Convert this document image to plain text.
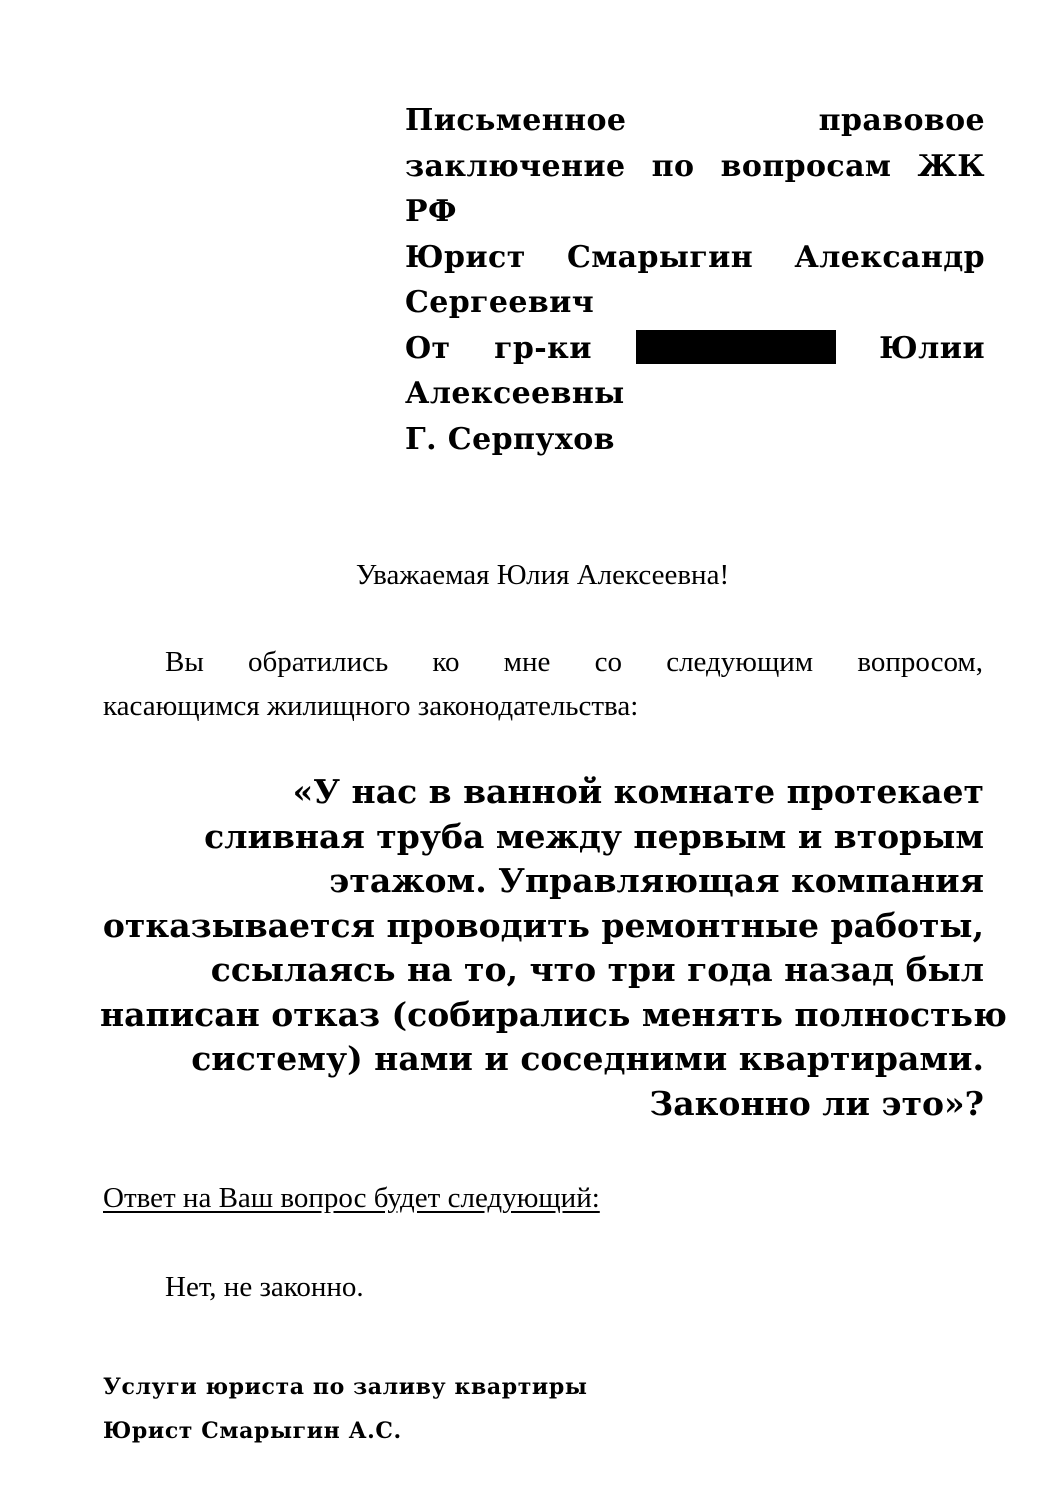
Письменное	правовое
заключение по вопросам ЖК
РФ
Юрист Смарыгин Александр
Сергеевич
От гр-ки	Юлии
Алексеевны
Г. Серпухов
Уважаемая Юлия Алексеевна!
Вы обратились ко мне со следующим вопросом,
касающимся жилищного законодательства:
«У нас в ванной комнате протекает
сливная труба между первым и вторым
этажом. Управляющая компания
отказывается проводить ремонтные работы,
ссылаясь на то, что три года назад был
написан отказ (собирались менять полностью
систему) нами и соседними квартирами.
Законно ли это»?
Ответ на Ваш вопрос будет следующий:
Нет, не законно.
Услуги юриста по заливу квартиры
Юрист Смарыгин А.С.
